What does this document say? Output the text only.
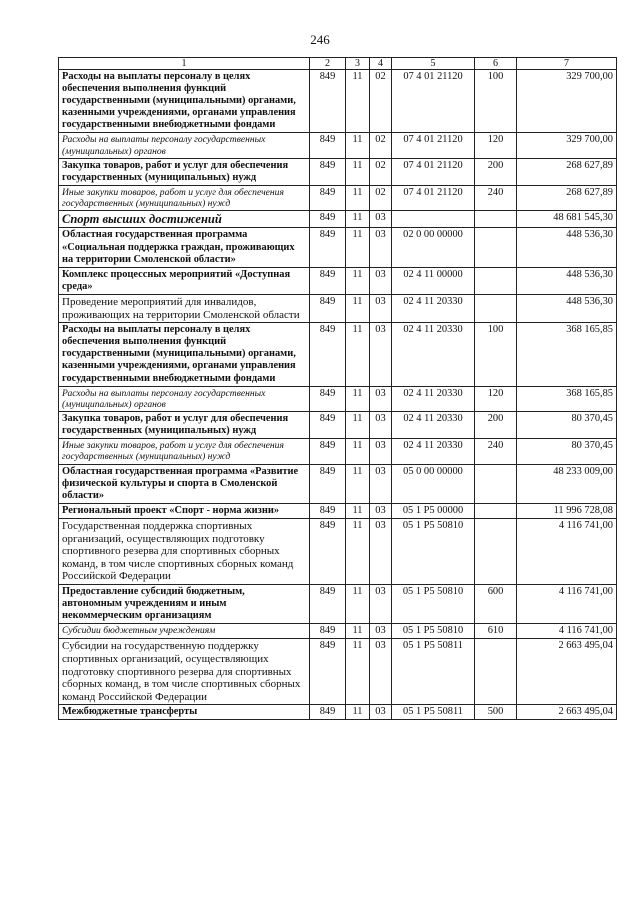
246
1	2	3	4	5	6	7
Расходы на выплаты персоналу в целях обеспечения выполнения функций государственными (муниципальными) органами, казенными учреждениями, органами управления государственными внебюджетными фондами	849	11	02	07 4 01 21120	100	329 700,00
Расходы на выплаты персоналу государственных (муниципальных) органов	849	11	02	07 4 01 21120	120	329 700,00
Закупка товаров, работ и услуг для обеспечения государственных (муниципальных) нужд	849	11	02	07 4 01 21120	200	268 627,89
Иные закупки товаров, работ и услуг для обеспечения государственных (муниципальных) нужд	849	11	02	07 4 01 21120	240	268 627,89
Спорт высших достижений	849	11	03			48 681 545,30
Областная государственная программа «Социальная поддержка граждан, проживающих на территории Смоленской области»	849	11	03	02 0 00 00000		448 536,30
Комплекс процессных мероприятий «Доступная среда»	849	11	03	02 4 11 00000		448 536,30
Проведение мероприятий для инвалидов, проживающих на территории Смоленской области	849	11	03	02 4 11 20330		448 536,30
Расходы на выплаты персоналу в целях обеспечения выполнения функций государственными (муниципальными) органами, казенными учреждениями, органами управления государственными внебюджетными фондами	849	11	03	02 4 11 20330	100	368 165,85
Расходы на выплаты персоналу государственных (муниципальных) органов	849	11	03	02 4 11 20330	120	368 165,85
Закупка товаров, работ и услуг для обеспечения государственных (муниципальных) нужд	849	11	03	02 4 11 20330	200	80 370,45
Иные закупки товаров, работ и услуг для обеспечения государственных (муниципальных) нужд	849	11	03	02 4 11 20330	240	80 370,45
Областная государственная программа «Развитие физической культуры и спорта в Смоленской области»	849	11	03	05 0 00 00000		48 233 009,00
Региональный проект «Спорт - норма жизни»	849	11	03	05 1 P5 00000		11 996 728,08
Государственная поддержка спортивных организаций, осуществляющих подготовку спортивного резерва для спортивных сборных команд, в том числе спортивных сборных команд Российской Федерации	849	11	03	05 1 P5 50810		4 116 741,00
Предоставление субсидий бюджетным, автономным учреждениям и иным некоммерческим организациям	849	11	03	05 1 P5 50810	600	4 116 741,00
Субсидии бюджетным учреждениям	849	11	03	05 1 P5 50810	610	4 116 741,00
Субсидии на государственную поддержку спортивных организаций, осуществляющих подготовку спортивного резерва для спортивных сборных команд, в том числе спортивных сборных команд Российской Федерации	849	11	03	05 1 P5 50811		2 663 495,04
Межбюджетные трансферты	849	11	03	05 1 P5 50811	500	2 663 495,04
